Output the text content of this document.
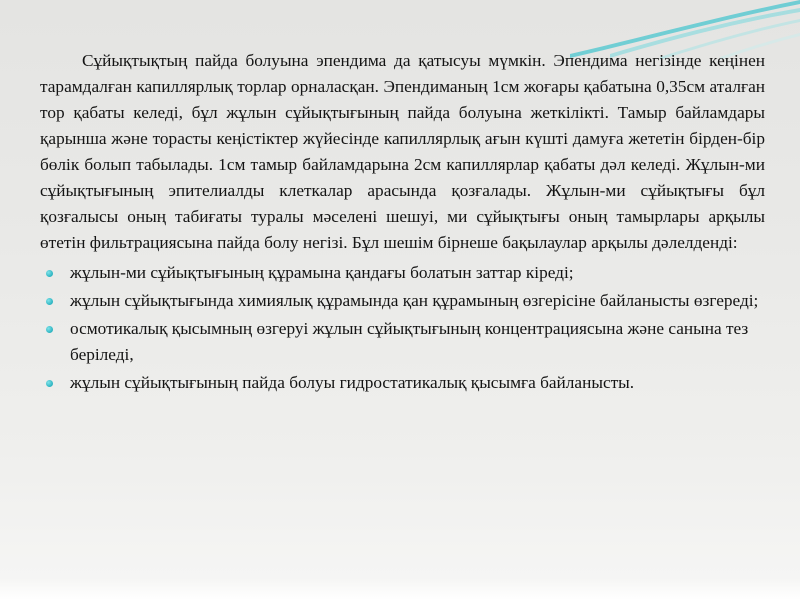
Сұйықтықтың пайда болуына эпендима да қатысуы мүмкін. Эпендима негізінде кеңінен тарамдалған капиллярлық торлар орналасқан. Эпендиманың 1см жоғары қабатына 0,35см аталған тор қабаты келеді, бұл жұлын сұйықтығының пайда болуына жеткілікті. Тамыр байламдары қарынша және торасты кеңістіктер жүйесінде капиллярлық ағын күшті дамуға жететін бірден-бір бөлік болып табылады. 1см тамыр байламдарына 2см капиллярлар қабаты дәл келеді. Жұлын-ми сұйықтығының эпителиалды клеткалар арасында қозғалады. Жұлын-ми сұйықтығы бұл қозғалысы оның табиғаты туралы мәселені шешуі, ми сұйықтығы оның тамырлары арқылы өтетін фильтрациясына пайда болу негізі. Бұл шешім бірнеше бақылаулар арқылы дәлелденді:

жұлын-ми сұйықтығының құрамына қандағы болатын заттар кіреді;
жұлын сұйықтығында химиялық құрамында қан құрамының өзгерісіне байланысты өзгереді;
осмотикалық қысымның өзгеруі жұлын сұйықтығының концентрациясына және санына тез беріледі,
жұлын сұйықтығының пайда болуы гидростатикалық қысымға байланысты.
